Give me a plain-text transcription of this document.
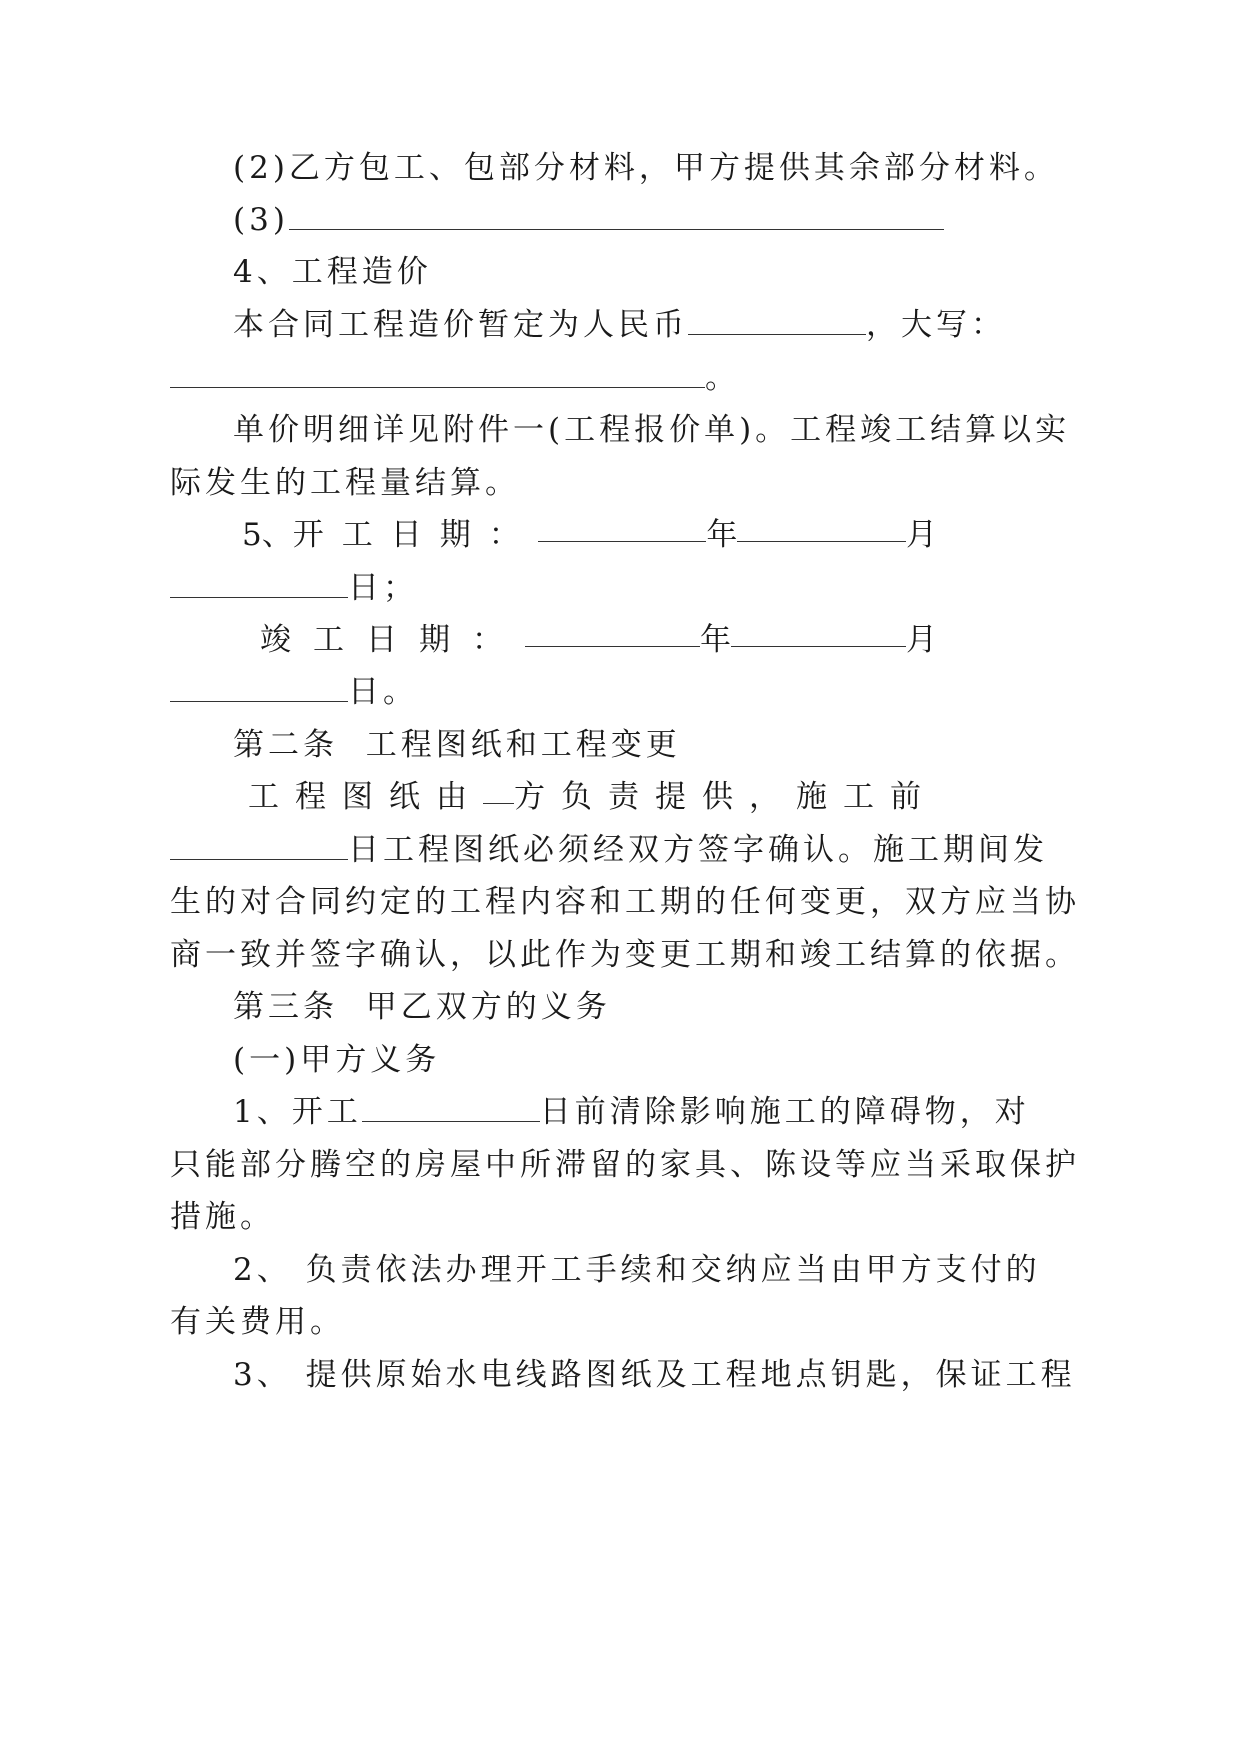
(2)乙方包工、包部分材料，甲方提供其余部分材料。
(3)
4、工程造价
本合同工程造价暂定为人民币	，大写：
。
单价明细详见附件一(工程报价单)。工程竣工结算以实
际发生的工程量结算。
5、 开工日期：	年	月
日；
竣工日期：	年	月
日。
第二条  工程图纸和工程变更
工程图纸由 方负责提供，施工前
日工程图纸必须经双方签字确认。施工期间发
生的对合同约定的工程内容和工期的任何变更，双方应当协
商一致并签字确认，以此作为变更工期和竣工结算的依据。
第三条  甲乙双方的义务
(一)甲方义务
1、开工	日前清除影响施工的障碍物，对
只能部分腾空的房屋中所滞留的家具、陈设等应当采取保护
措施。
2、 负责依法办理开工手续和交纳应当由甲方支付的
有关费用。
3、 提供原始水电线路图纸及工程地点钥匙，保证工程
